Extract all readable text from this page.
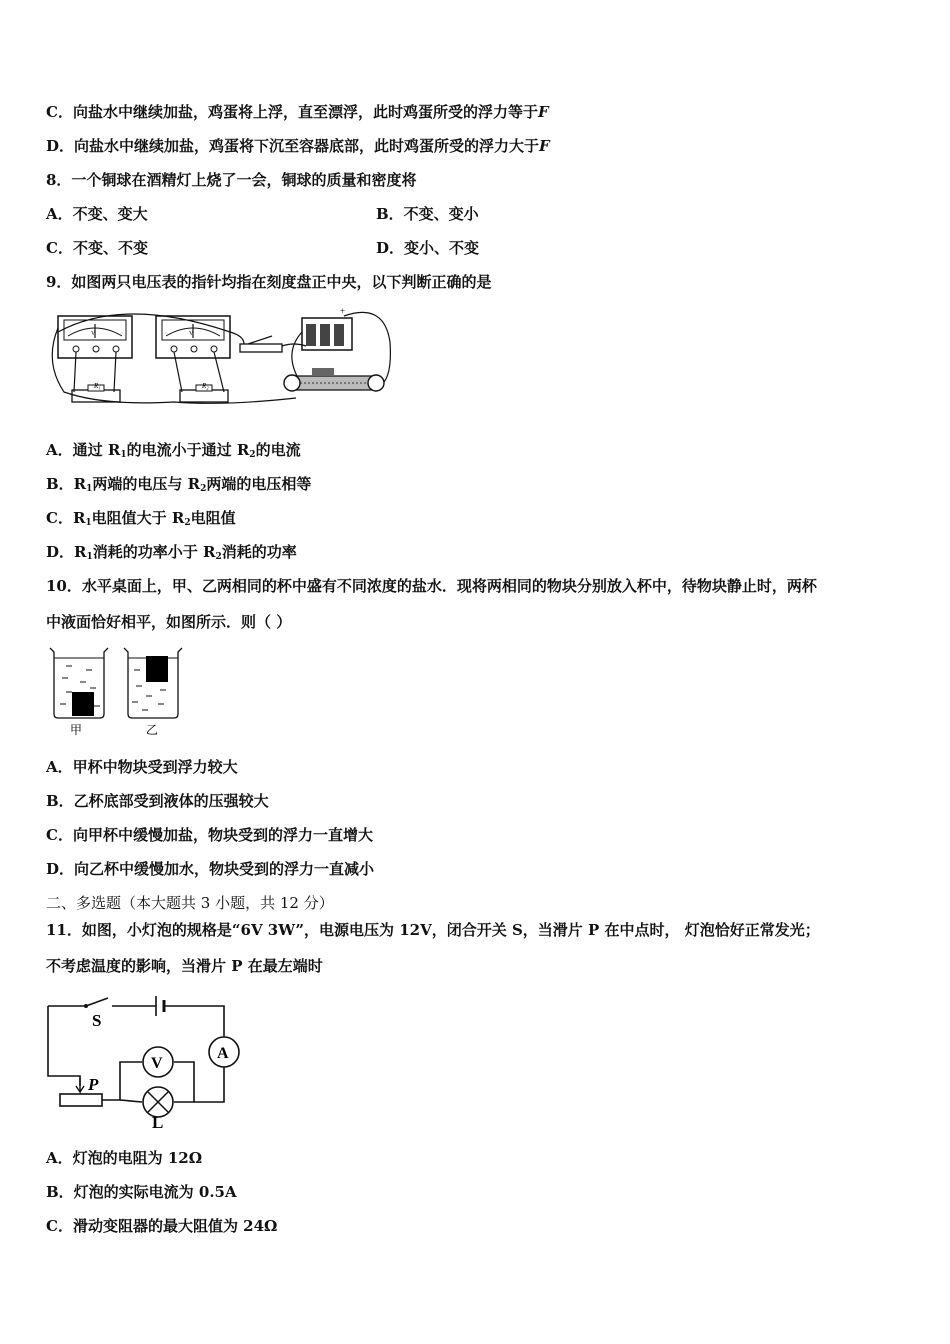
C．向盐水中继续加盐，鸡蛋将上浮，直至漂浮，此时鸡蛋所受的浮力等于F
D．向盐水中继续加盐，鸡蛋将下沉至容器底部，此时鸡蛋所受的浮力大于F
8．一个铜球在酒精灯上烧了一会，铜球的质量和密度将
A．不变、变大	B．不变、变小
C．不变、不变	D．变小、不变
9．如图两只电压表的指针均指在刻度盘正中央，以下判断正确的是
V	V
+
R₁	R₂
A．通过 $R_1$的电流小于通过 $R_2$的电流
B．$R_1$两端的电压与 $R_2$两端的电压相等
C．$R_1$电阻值大于 $R_2$电阻值
D．$R_1$消耗的功率小于 $R_2$消耗的功率
10．水平桌面上，甲、乙两相同的杯中盛有不同浓度的盐水．现将两相同的物块分别放入杯中，待物块静止时，两杯
中液面恰好相平，如图所示．则（ ）
甲	乙
A．甲杯中物块受到浮力较大
B．乙杯底部受到液体的压强较大
C．向甲杯中缓慢加盐，物块受到的浮力一直增大
D．向乙杯中缓慢加水，物块受到的浮力一直减小
二、多选题（本大题共 3 小题，共 12 分）
11．如图，小灯泡的规格是“6V 3W”，电源电压为 12V，闭合开关 S，当滑片 P 在中点时， 灯泡恰好正常发光；
不考虑温度的影响，当滑片 P 在最左端时
S
P
V
A
L
A．灯泡的电阻为 12Ω
B．灯泡的实际电流为 0.5A
C．滑动变阻器的最大阻值为 24Ω
